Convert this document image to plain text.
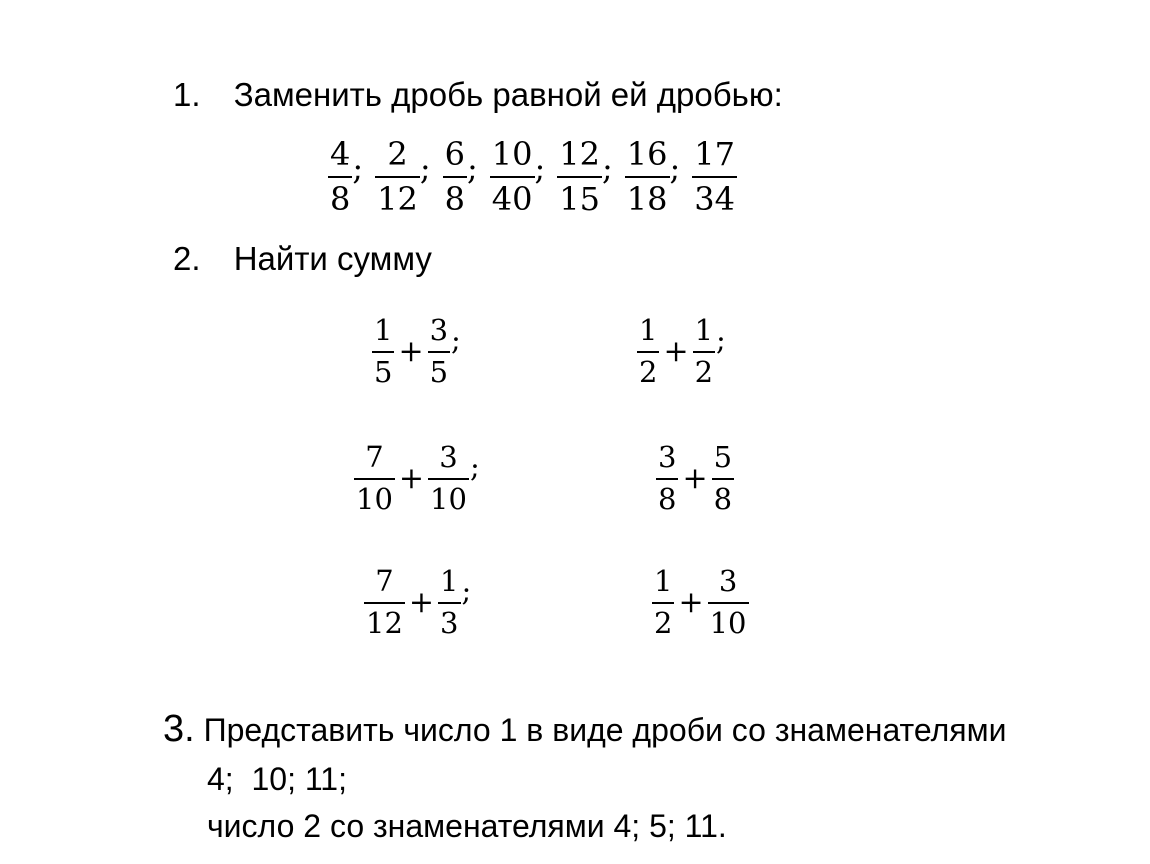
1. Заменить дробь равной ей дробью:
$\frac{4}{8}$ ; $\frac{2}{12}$ ; $\frac{6}{8}$ ; $\frac{10}{40}$ ; $\frac{12}{15}$ ; $\frac{16}{18}$ ; $\frac{17}{34}$
2. Найти сумму
$\frac{1}{5} + \frac{3}{5}$ ;	$\frac{1}{2} + \frac{1}{2}$ ;
$\frac{7}{10} + \frac{3}{10}$ ;	$\frac{3}{8} + \frac{5}{8}$
$\frac{7}{12} + \frac{1}{3}$ ;	$\frac{1}{2} + \frac{3}{10}$
3. Представить число 1 в виде дроби со знаменателями
4;  10; 11;
число 2 со знаменателями 4; 5; 11.
